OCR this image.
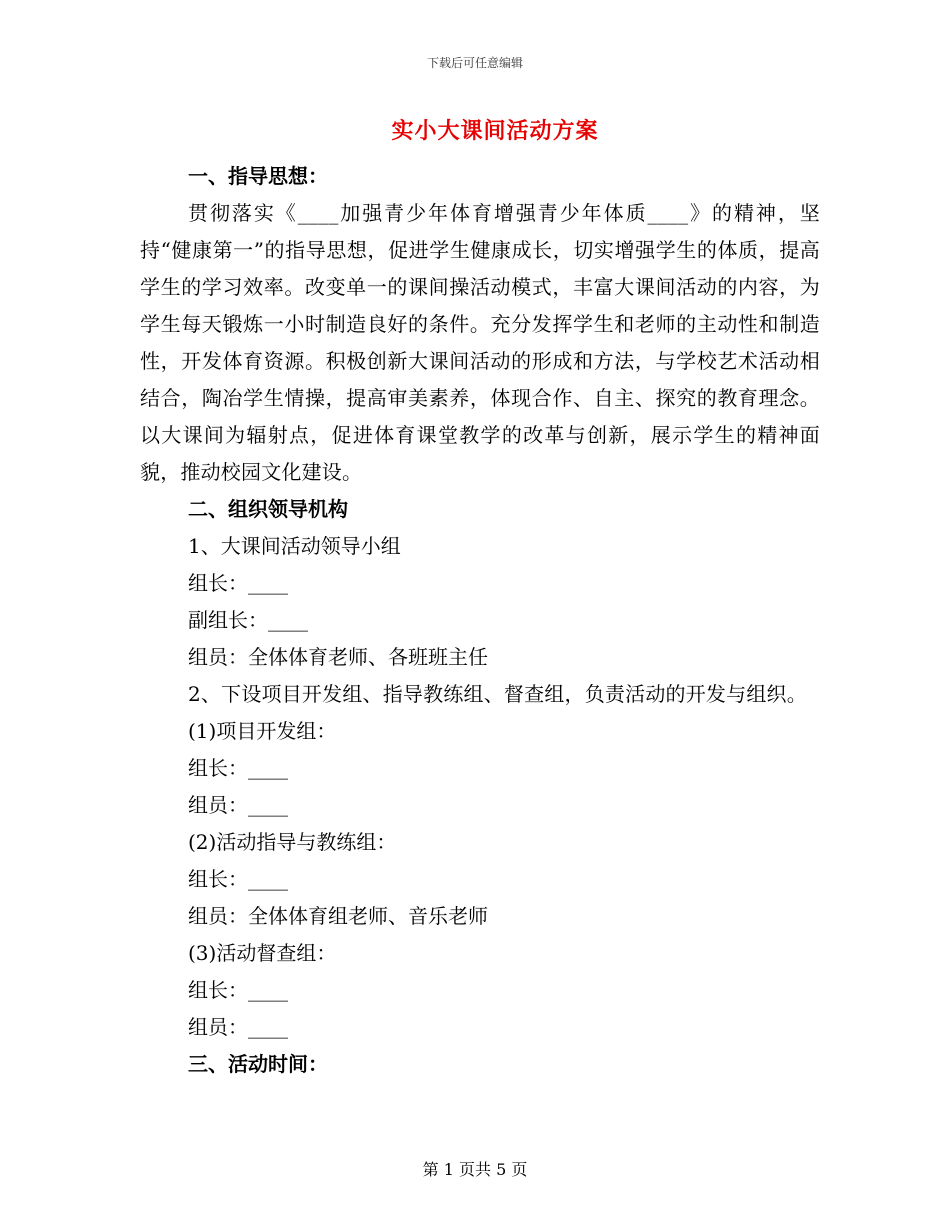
下载后可任意编辑
实小大课间活动方案
一、指导思想：

贯彻落实《____加强青少年体育增强青少年体质____》的精神，坚持“健康第一”的指导思想，促进学生健康成长，切实增强学生的体质，提高学生的学习效率。改变单一的课间操活动模式，丰富大课间活动的内容，为学生每天锻炼一小时制造良好的条件。充分发挥学生和老师的主动性和制造性，开发体育资源。积极创新大课间活动的形成和方法，与学校艺术活动相结合，陶冶学生情操，提高审美素养，体现合作、自主、探究的教育理念。以大课间为辐射点，促进体育课堂教学的改革与创新，展示学生的精神面貌，推动校园文化建设。

二、组织领导机构
1、大课间活动领导小组
组长：____
副组长：____
组员：全体体育老师、各班班主任

2、下设项目开发组、指导教练组、督查组，负责活动的开发与组织。

(1)项目开发组：
组长：____
组员：____
(2)活动指导与教练组：
组长：____
组员：全体体育组老师、音乐老师
(3)活动督查组：
组长：____
组员：____
三、活动时间：
第 1 页共 5 页
